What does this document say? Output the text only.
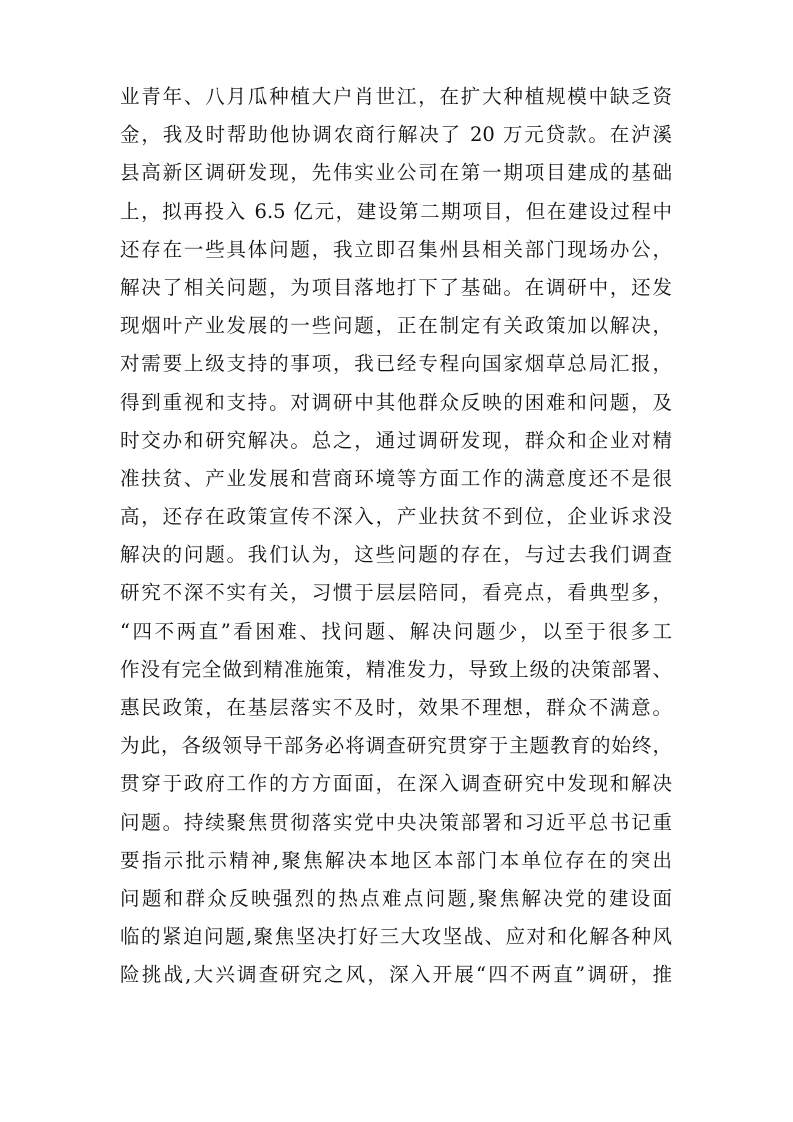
业青年、八月瓜种植大户肖世江，在扩大种植规模中缺乏资
金，我及时帮助他协调农商行解决了 20 万元贷款。在泸溪
县高新区调研发现，先伟实业公司在第一期项目建成的基础
上，拟再投入 6.5 亿元，建设第二期项目，但在建设过程中
还存在一些具体问题，我立即召集州县相关部门现场办公，
解决了相关问题，为项目落地打下了基础。在调研中，还发
现烟叶产业发展的一些问题，正在制定有关政策加以解决，
对需要上级支持的事项，我已经专程向国家烟草总局汇报，
得到重视和支持。对调研中其他群众反映的困难和问题，及
时交办和研究解决。总之，通过调研发现，群众和企业对精
准扶贫、产业发展和营商环境等方面工作的满意度还不是很
高，还存在政策宣传不深入，产业扶贫不到位，企业诉求没
解决的问题。我们认为，这些问题的存在，与过去我们调查
研究不深不实有关，习惯于层层陪同，看亮点，看典型多，
“四不两直”看困难、找问题、解决问题少，以至于很多工
作没有完全做到精准施策，精准发力，导致上级的决策部署、
惠民政策，在基层落实不及时，效果不理想，群众不满意。
为此，各级领导干部务必将调查研究贯穿于主题教育的始终，
贯穿于政府工作的方方面面，在深入调查研究中发现和解决
问题。持续聚焦贯彻落实党中央决策部署和习近平总书记重
要指示批示精神,聚焦解决本地区本部门本单位存在的突出
问题和群众反映强烈的热点难点问题,聚焦解决党的建设面
临的紧迫问题,聚焦坚决打好三大攻坚战、应对和化解各种风
险挑战,大兴调查研究之风，深入开展“四不两直”调研，推
